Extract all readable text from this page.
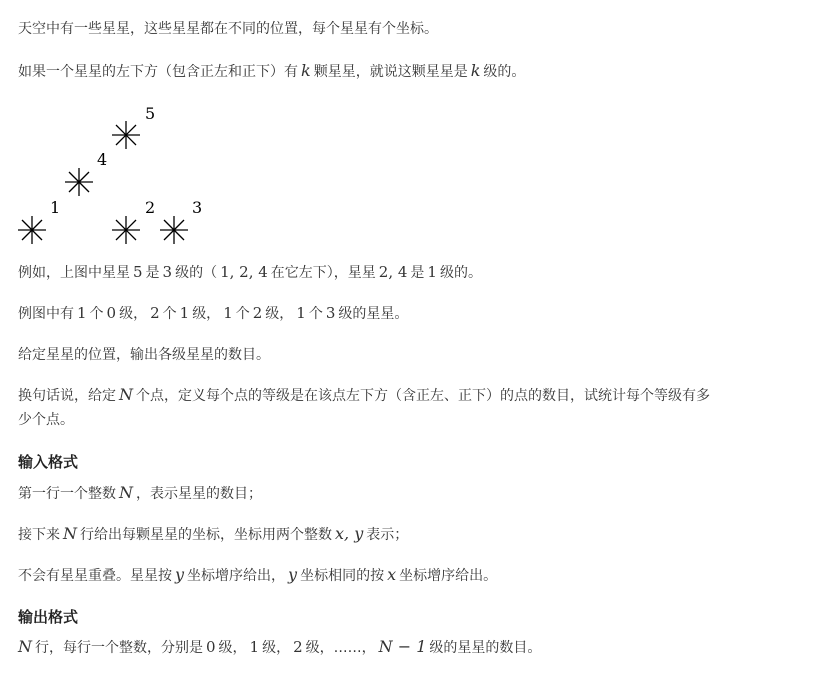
天空中有一些星星，这些星星都在不同的位置，每个星星有个坐标。
如果一个星星的左下方（包含正左和正下）有 k 颗星星，就说这颗星星是 k 级的。
1	2 3
4
5
例如，上图中星星 5 是 3 级的（ 1, 2, 4 在它左下），星星 2, 4 是 1 级的。
例图中有 1 个 0 级， 2 个 1 级， 1 个 2 级， 1 个 3 级的星星。
给定星星的位置，输出各级星星的数目。
换句话说，给定 N 个点，定义每个点的等级是在该点左下方（含正左、正下）的点的数目，试统计每个等级有多
少个点。
输入格式
第一行一个整数 N ，表示星星的数目；
接下来 N 行给出每颗星星的坐标，坐标用两个整数 x, y 表示；
不会有星星重叠。星星按 y 坐标增序给出， y 坐标相同的按 x 坐标增序给出。
输出格式
N 行，每行一个整数，分别是 0 级， 1 级， 2 级，……， N − 1 级的星星的数目。
